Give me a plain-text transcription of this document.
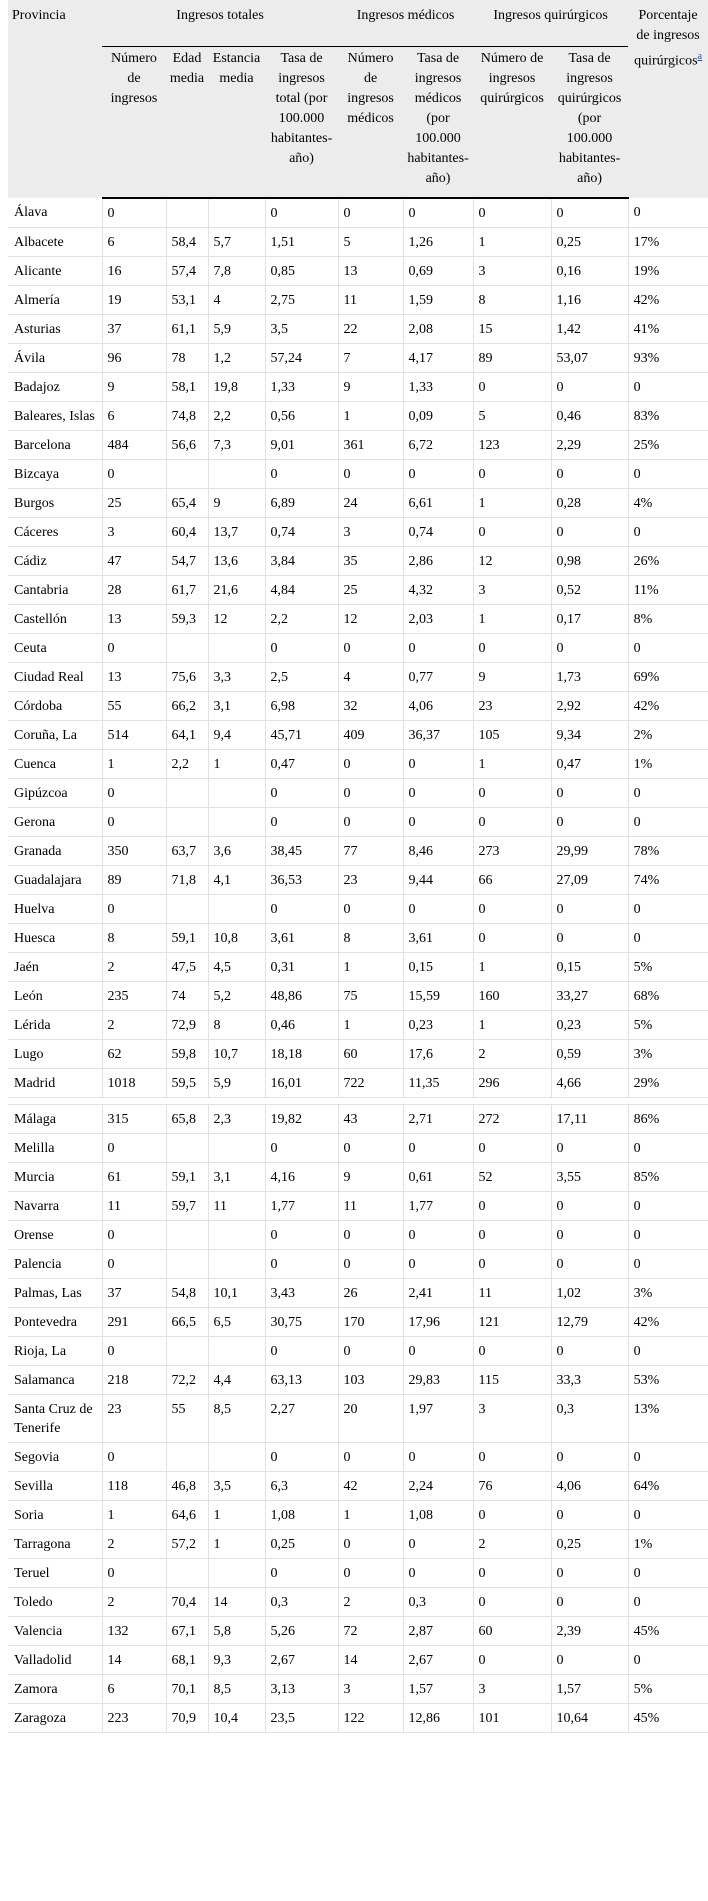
Provincia	Ingresos totales				Ingresos médicos		Ingresos quirúrgicos		Porcentaje de ingresos quirúrgicos$^a$
	Número de ingresos	Edad media	Estancia media	Tasa de ingresos total (por 100.000 habitantes-año)	Número de ingresos médicos	Tasa de ingresos médicos (por 100.000 habitantes-año)	Número de ingresos quirúrgicos	Tasa de ingresos quirúrgicos (por 100.000 habitantes-año)	
Álava	0			0	0	0	0	0	0
Albacete	6	58,4	5,7	1,51	5	1,26	1	0,25	17%
Alicante	16	57,4	7,8	0,85	13	0,69	3	0,16	19%
Almería	19	53,1	4	2,75	11	1,59	8	1,16	42%
Asturias	37	61,1	5,9	3,5	22	2,08	15	1,42	41%
Ávila	96	78	1,2	57,24	7	4,17	89	53,07	93%
Badajoz	9	58,1	19,8	1,33	9	1,33	0	0	0
Baleares, Islas	6	74,8	2,2	0,56	1	0,09	5	0,46	83%
Barcelona	484	56,6	7,3	9,01	361	6,72	123	2,29	25%
Bizcaya	0			0	0	0	0	0	0
Burgos	25	65,4	9	6,89	24	6,61	1	0,28	4%
Cáceres	3	60,4	13,7	0,74	3	0,74	0	0	0
Cádiz	47	54,7	13,6	3,84	35	2,86	12	0,98	26%
Cantabria	28	61,7	21,6	4,84	25	4,32	3	0,52	11%
Castellón	13	59,3	12	2,2	12	2,03	1	0,17	8%
Ceuta	0			0	0	0	0	0	0
Ciudad Real	13	75,6	3,3	2,5	4	0,77	9	1,73	69%
Córdoba	55	66,2	3,1	6,98	32	4,06	23	2,92	42%
Coruña, La	514	64,1	9,4	45,71	409	36,37	105	9,34	2%
Cuenca	1	2,2	1	0,47	0	0	1	0,47	1%
Gipúzcoa	0			0	0	0	0	0	0
Gerona	0			0	0	0	0	0	0
Granada	350	63,7	3,6	38,45	77	8,46	273	29,99	78%
Guadalajara	89	71,8	4,1	36,53	23	9,44	66	27,09	74%
Huelva	0			0	0	0	0	0	0
Huesca	8	59,1	10,8	3,61	8	3,61	0	0	0
Jaén	2	47,5	4,5	0,31	1	0,15	1	0,15	5%
León	235	74	5,2	48,86	75	15,59	160	33,27	68%
Lérida	2	72,9	8	0,46	1	0,23	1	0,23	5%
Lugo	62	59,8	10,7	18,18	60	17,6	2	0,59	3%
Madrid	1018	59,5	5,9	16,01	722	11,35	296	4,66	29%

Málaga	315	65,8	2,3	19,82	43	2,71	272	17,11	86%
Melilla	0			0	0	0	0	0	0
Murcia	61	59,1	3,1	4,16	9	0,61	52	3,55	85%
Navarra	11	59,7	11	1,77	11	1,77	0	0	0
Orense	0			0	0	0	0	0	0
Palencia	0			0	0	0	0	0	0
Palmas, Las	37	54,8	10,1	3,43	26	2,41	11	1,02	3%
Pontevedra	291	66,5	6,5	30,75	170	17,96	121	12,79	42%
Rioja, La	0			0	0	0	0	0	0
Salamanca	218	72,2	4,4	63,13	103	29,83	115	33,3	53%
Santa Cruz de Tenerife	23	55	8,5	2,27	20	1,97	3	0,3	13%
Segovia	0			0	0	0	0	0	0
Sevilla	118	46,8	3,5	6,3	42	2,24	76	4,06	64%
Soria	1	64,6	1	1,08	1	1,08	0	0	0
Tarragona	2	57,2	1	0,25	0	0	2	0,25	1%
Teruel	0			0	0	0	0	0	0
Toledo	2	70,4	14	0,3	2	0,3	0	0	0
Valencia	132	67,1	5,8	5,26	72	2,87	60	2,39	45%
Valladolid	14	68,1	9,3	2,67	14	2,67	0	0	0
Zamora	6	70,1	8,5	3,13	3	1,57	3	1,57	5%
Zaragoza	223	70,9	10,4	23,5	122	12,86	101	10,64	45%
